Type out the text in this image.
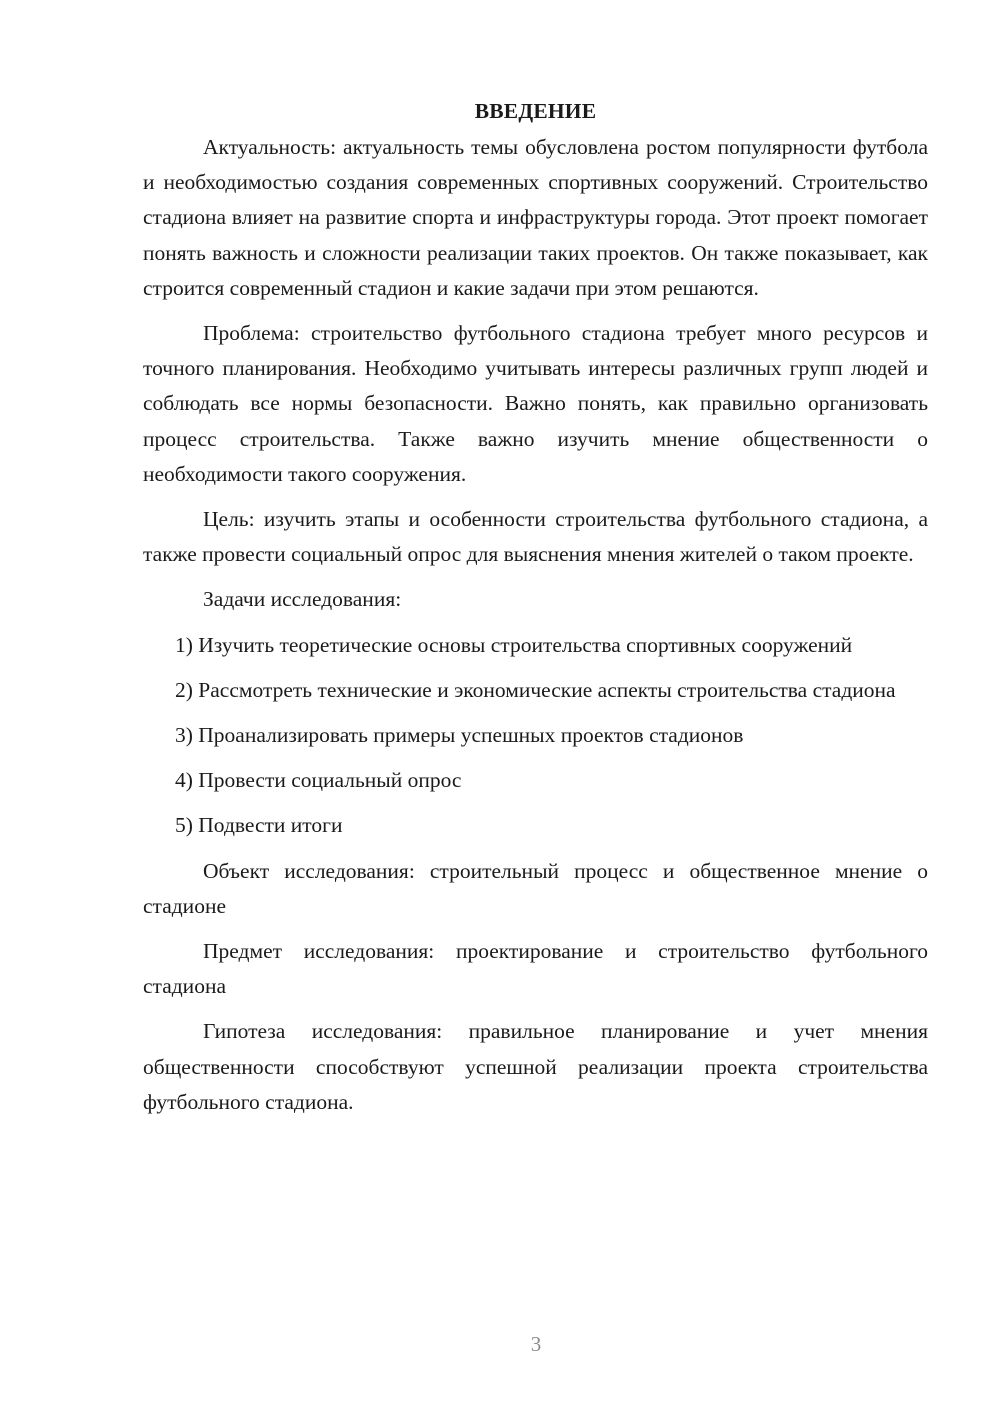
ВВЕДЕНИЕ

Актуальность: актуальность темы обусловлена ростом популярности футбола и необходимостью создания современных спортивных сооружений. Строительство стадиона влияет на развитие спорта и инфраструктуры города. Этот проект помогает понять важность и сложности реализации таких проектов. Он также показывает, как строится современный стадион и какие задачи при этом решаются.

Проблема: строительство футбольного стадиона требует много ресурсов и точного планирования. Необходимо учитывать интересы различных групп людей и соблюдать все нормы безопасности. Важно понять, как правильно организовать процесс строительства. Также важно изучить мнение общественности о необходимости такого сооружения.

Цель: изучить этапы и особенности строительства футбольного стадиона, а также провести социальный опрос для выяснения мнения жителей о таком проекте.

Задачи исследования:

1) Изучить теоретические основы строительства спортивных сооружений

2) Рассмотреть технические и экономические аспекты строительства стадиона

3) Проанализировать примеры успешных проектов стадионов

4) Провести социальный опрос

5) Подвести итоги

Объект исследования: строительный процесс и общественное мнение о стадионе

Предмет исследования: проектирование и строительство футбольного стадиона

Гипотеза исследования: правильное планирование и учет мнения общественности способствуют успешной реализации проекта строительства футбольного стадиона.

3
